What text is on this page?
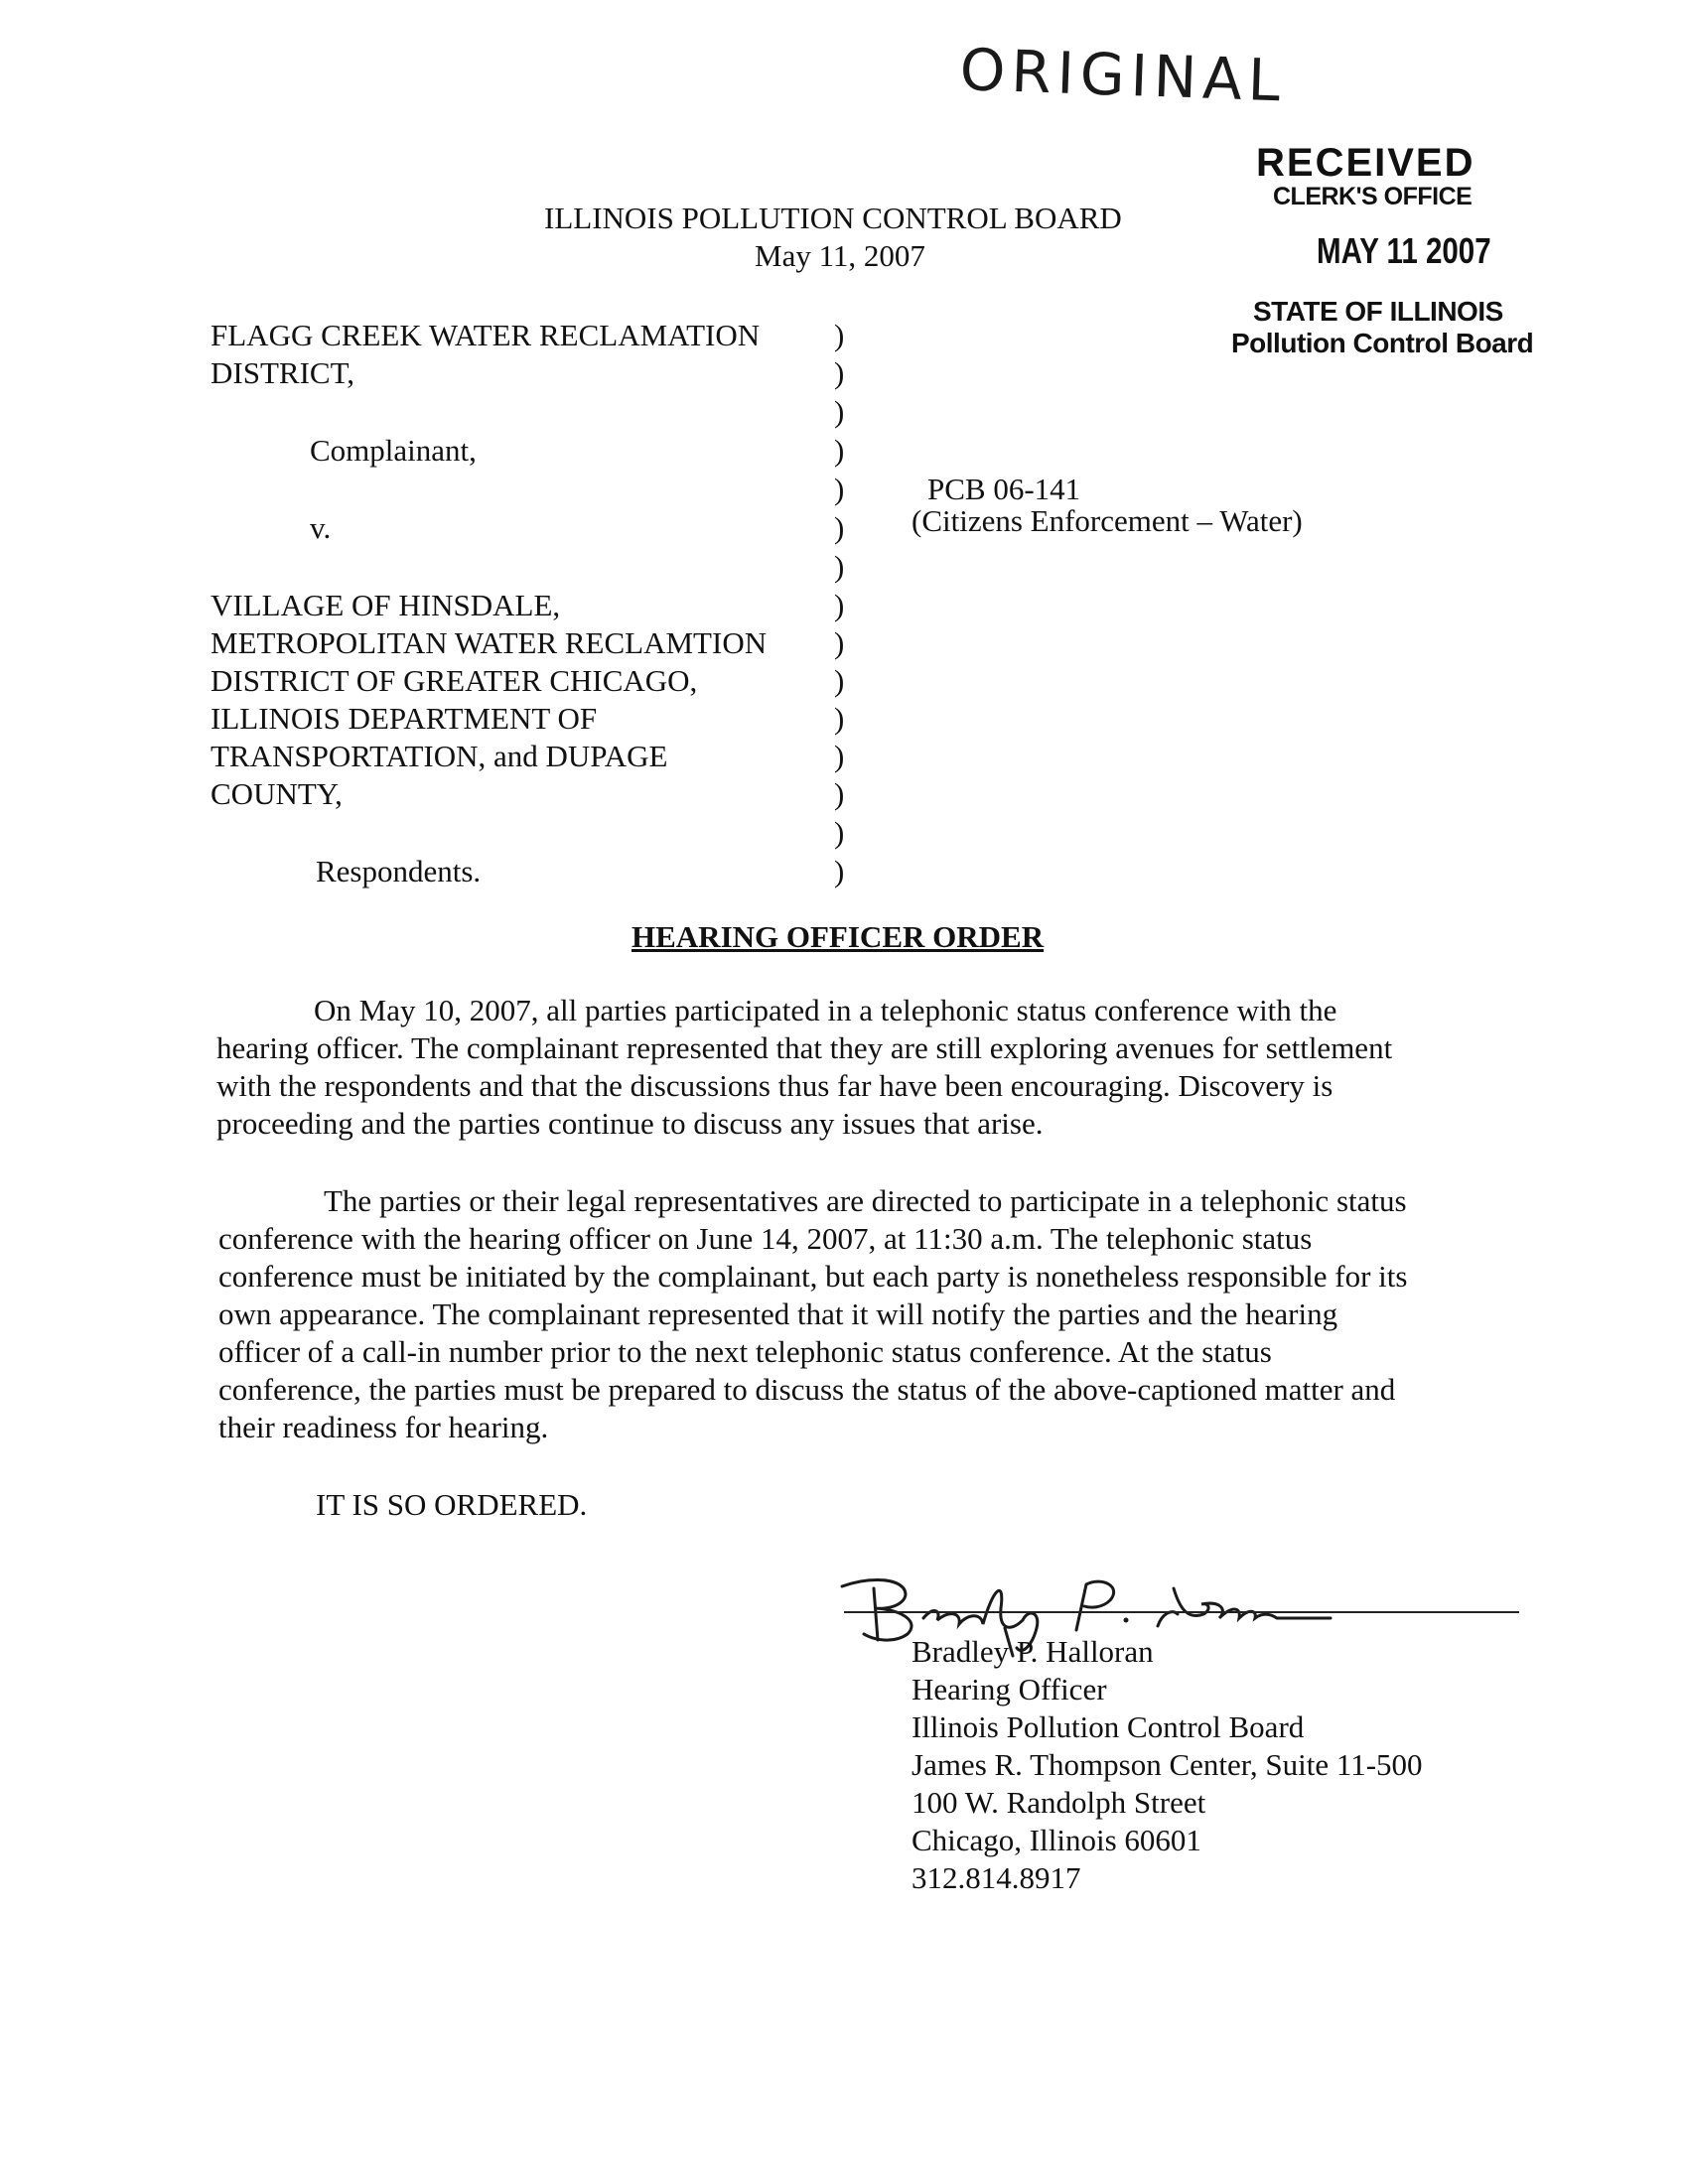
ORIGINAL
RECEIVED
CLERK'S OFFICE
MAY 11 2007
STATE OF ILLINOIS
Pollution Control Board
ILLINOIS POLLUTION CONTROL BOARD
May 11, 2007
FLAGG CREEK WATER RECLAMATION
DISTRICT,
Complainant,
v.
VILLAGE OF HINSDALE,
METROPOLITAN WATER RECLAMTION
DISTRICT OF GREATER CHICAGO,
ILLINOIS DEPARTMENT OF
TRANSPORTATION, and DUPAGE
COUNTY,
Respondents.
)
)
)
)
)
)
)
)
)
)
)
)
)
)
)
PCB 06-141
(Citizens Enforcement – Water)
HEARING OFFICER ORDER
On May 10, 2007, all parties participated in a telephonic status conference with the
hearing officer. The complainant represented that they are still exploring avenues for settlement
with the respondents and that the discussions thus far have been encouraging. Discovery is
proceeding and the parties continue to discuss any issues that arise.
The parties or their legal representatives are directed to participate in a telephonic status
conference with the hearing officer on June 14, 2007, at 11:30 a.m. The telephonic status
conference must be initiated by the complainant, but each party is nonetheless responsible for its
own appearance. The complainant represented that it will notify the parties and the hearing
officer of a call-in number prior to the next telephonic status conference. At the status
conference, the parties must be prepared to discuss the status of the above-captioned matter and
their readiness for hearing.
IT IS SO ORDERED.
Bradley P. Halloran
Hearing Officer
Illinois Pollution Control Board
James R. Thompson Center, Suite 11-500
100 W. Randolph Street
Chicago, Illinois 60601
312.814.8917
